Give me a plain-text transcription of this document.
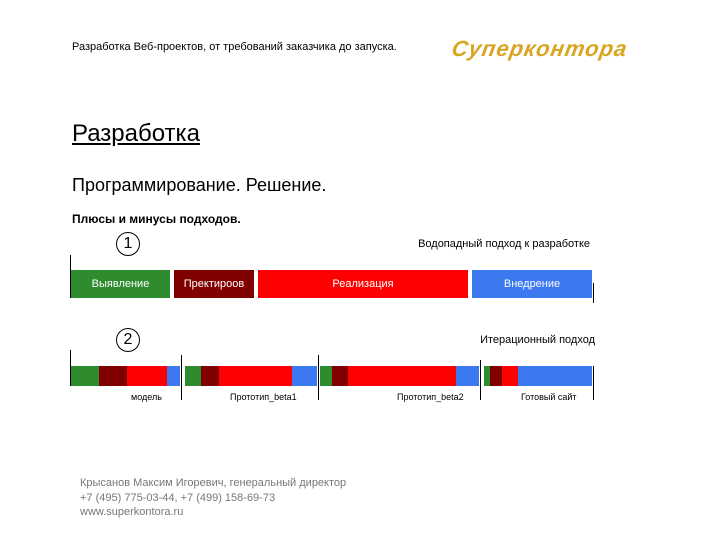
Разработка Веб-проектов, от требований заказчика до запуска. Суперконтора
Разработка
Программирование. Решение.
Плюсы и минусы подходов.
1	Водопадный подход к разработке
Выявление	Пректироов	Реализация	Внедрение
2	Итерационный подход
модель	Прототип_beta1	Прототип_beta2	Готовый сайт
Крысанов Максим Игоревич, генеральный директор
+7 (495) 775-03-44, +7 (499) 158-69-73
www.superkontora.ru
